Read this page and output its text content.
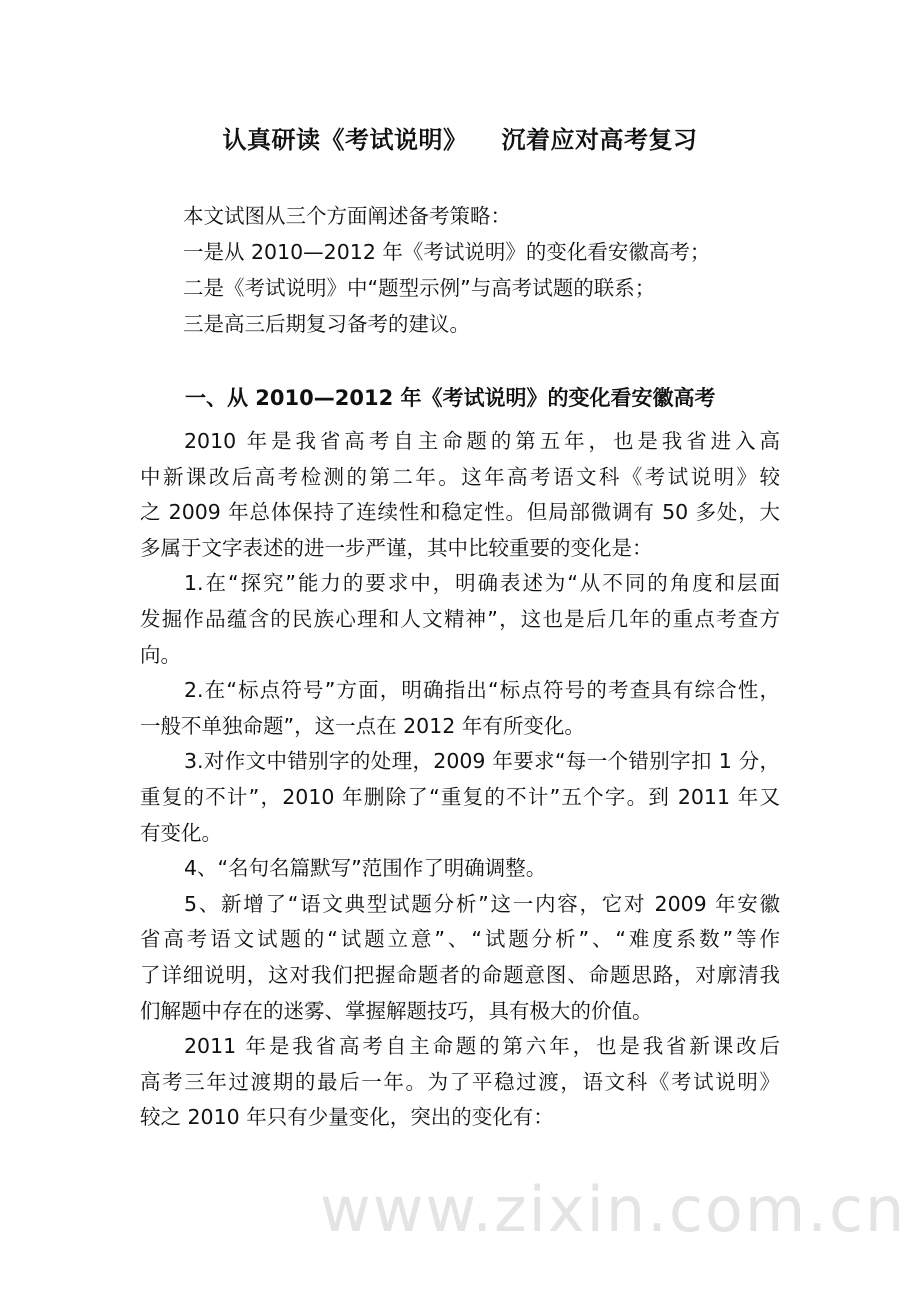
www.zixin.com.cn
认真研读《考试说明》 沉着应对高考复习
本文试图从三个方面阐述备考策略：
一是从 2010—2012 年《考试说明》的变化看安徽高考；
二是《考试说明》中“题型示例”与高考试题的联系；
三是高三后期复习备考的建议。
一、从 2010—2012 年《考试说明》的变化看安徽高考
2010 年是我省高考自主命题的第五年，也是我省进入高
中新课改后高考检测的第二年。这年高考语文科《考试说明》较
之 2009 年总体保持了连续性和稳定性。但局部微调有 50 多处，大
多属于文字表述的进一步严谨，其中比较重要的变化是：
1.在“探究”能力的要求中，明确表述为“从不同的角度和层面
发掘作品蕴含的民族心理和人文精神”，这也是后几年的重点考查方
向。
2.在“标点符号”方面，明确指出“标点符号的考查具有综合性，
一般不单独命题”，这一点在 2012 年有所变化。
3.对作文中错别字的处理，2009 年要求“每一个错别字扣 1 分，
重复的不计”，2010 年删除了“重复的不计”五个字。到 2011 年又
有变化。
4、“名句名篇默写”范围作了明确调整。
5、新增了“语文典型试题分析”这一内容，它对 2009 年安徽
省高考语文试题的“试题立意”、“试题分析”、“难度系数”等作
了详细说明，这对我们把握命题者的命题意图、命题思路，对廓清我
们解题中存在的迷雾、掌握解题技巧，具有极大的价值。
2011 年是我省高考自主命题的第六年，也是我省新课改后
高考三年过渡期的最后一年。为了平稳过渡，语文科《考试说明》
较之 2010 年只有少量变化，突出的变化有：
